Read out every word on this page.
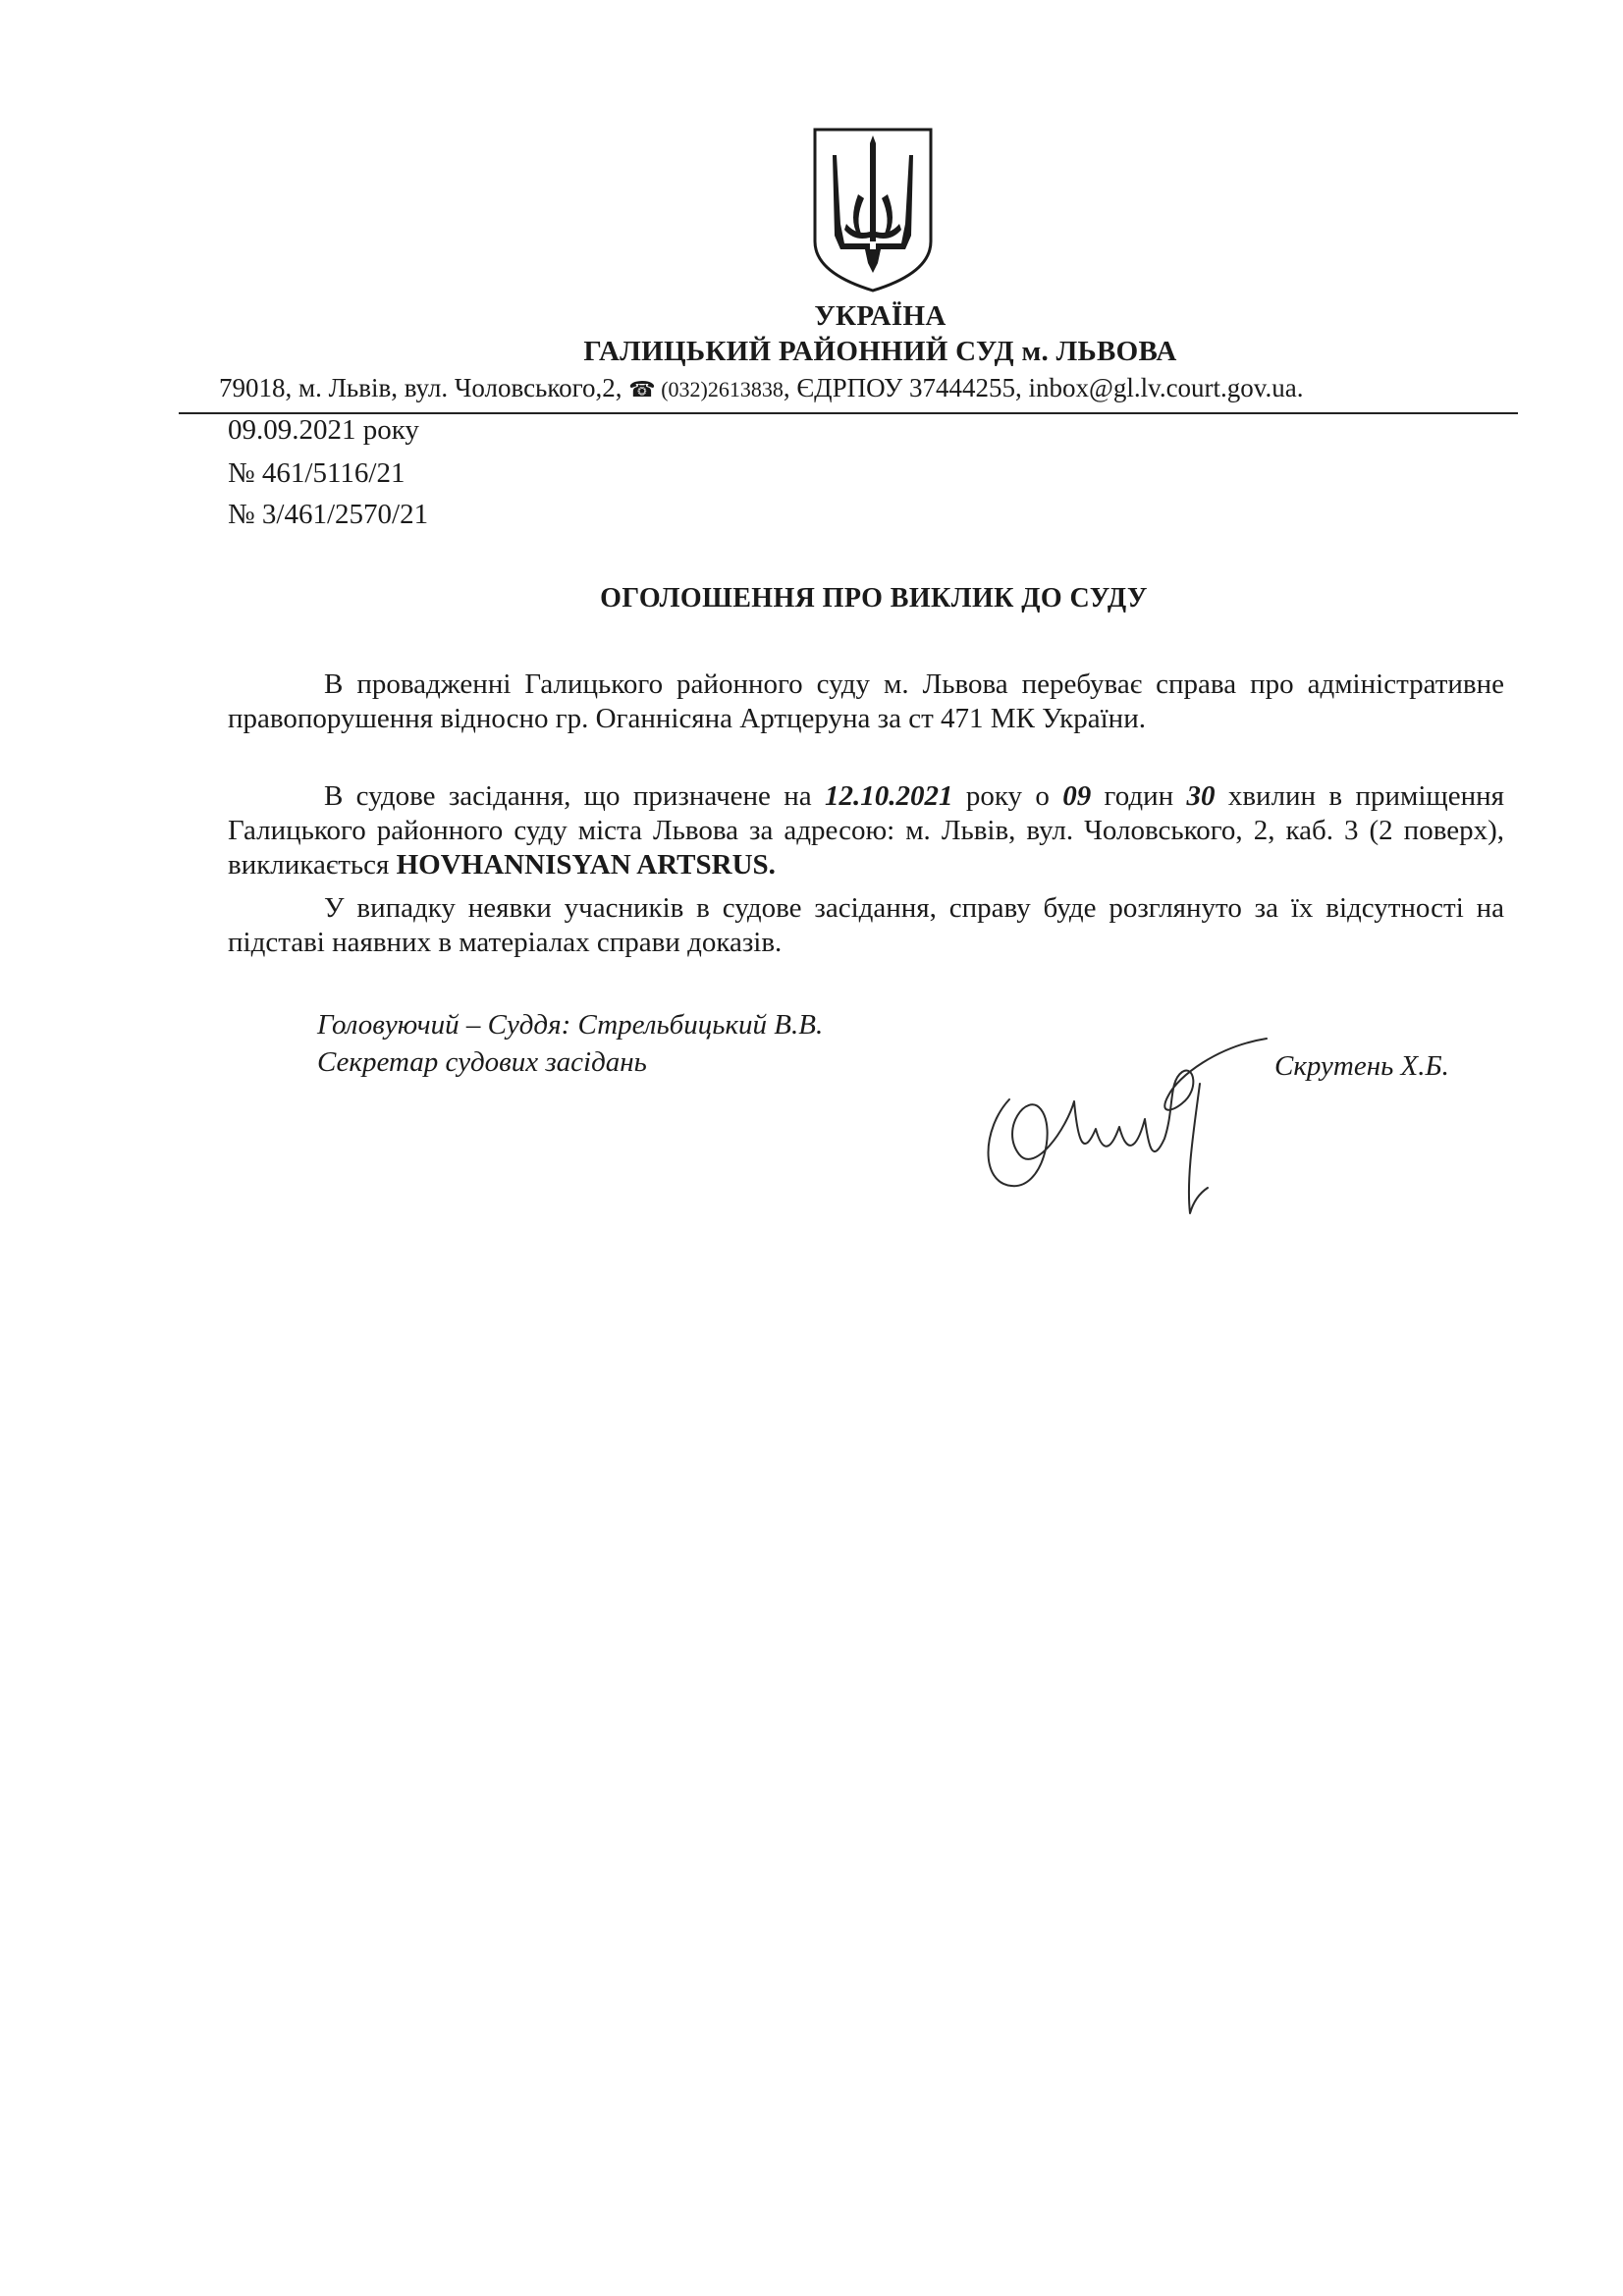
УКРАЇНА
ГАЛИЦЬКИЙ РАЙОННИЙ СУД м. ЛЬВОВА
79018, м. Львів, вул. Чоловського,2, ☎ (032)2613838, ЄДРПОУ 37444255, inbox@gl.lv.court.gov.ua.
09.09.2021 року
№ 461/5116/21
№ 3/461/2570/21
ОГОЛОШЕННЯ ПРО ВИКЛИК ДО СУДУ
В провадженні Галицького районного суду м. Львова перебуває справа про адміністративне правопорушення відносно гр. Оганнісяна Артцеруна за ст 471 МК України.
В судове засідання, що призначене на 12.10.2021 року о 09 годин 30 хвилин в приміщення Галицького районного суду міста Львова за адресою: м. Львів, вул. Чоловського, 2, каб. 3 (2 поверх), викликається HOVHANNISYAN ARTSRUS.
У випадку неявки учасників в судове засідання, справу буде розглянуто за їх відсутності на підставі наявних в матеріалах справи доказів.
Головуючий – Суддя: Стрельбицький В.В.
Секретар судових засідань	Скрутень Х.Б.
